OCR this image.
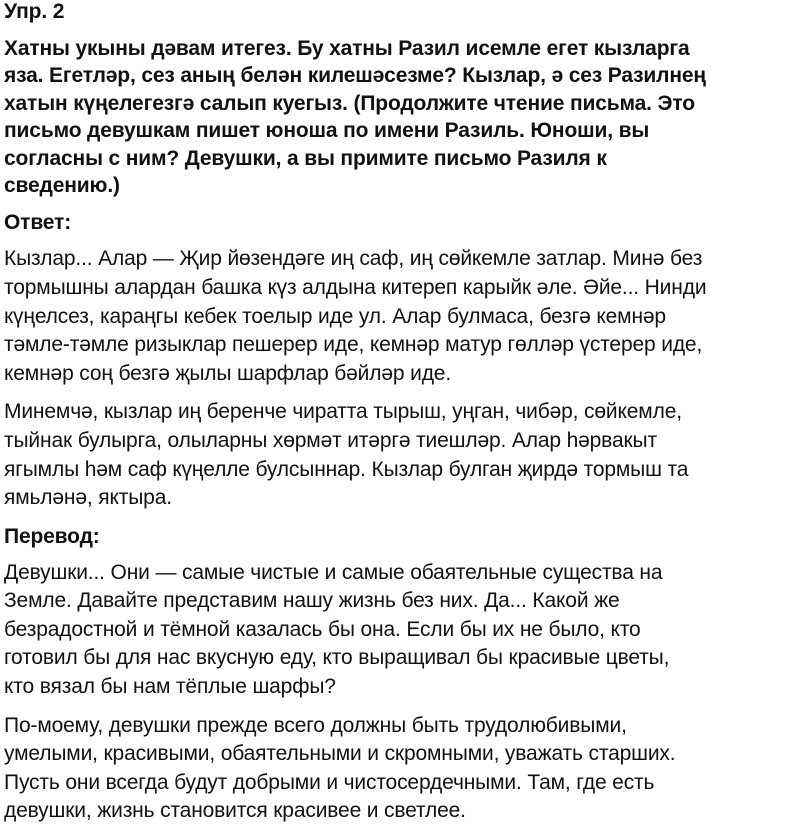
Упр. 2
Хатны укыны дәвам итегез. Бу хатны Разил исемле егет кызларга
яза. Егетләр, сез аның белән килешәсезме? Кызлар, ә сез Разилнең
хатын күңелегезгә салып куегыз. (Продолжите чтение письма. Это
письмо девушкам пишет юноша по имени Разиль. Юноши, вы
согласны с ним? Девушки, а вы примите письмо Разиля к
сведению.)
Ответ:
Кызлар... Алар — Җир йөзендәге иң саф, иң сөйкемле затлар. Минә без
тормышны алардан башка күз алдына китереп карыйк әле. Әйе... Нинди
күңелсез, караңгы кебек тоелыр иде ул. Алар булмаса, безгә кемнәр
тәмле-тәмле ризыклар пешерер иде, кемнәр матур гөлләр үстерер иде,
кемнәр соң безгә җылы шарфлар бәйләр иде.
Минемчә, кызлар иң беренче чиратта тырыш, уңган, чибәр, сөйкемле,
тыйнак булырга, олыларны хөрмәт итәргә тиешләр. Алар һәрвакыт
ягымлы һәм саф күңелле булсыннар. Кызлар булган җирдә тормыш та
ямьләнә, яктыра.
Перевод:
Девушки... Они — самые чистые и самые обаятельные существа на
Земле. Давайте представим нашу жизнь без них. Да... Какой же
безрадостной и тёмной казалась бы она. Если бы их не было, кто
готовил бы для нас вкусную еду, кто выращивал бы красивые цветы,
кто вязал бы нам тёплые шарфы?
По-моему, девушки прежде всего должны быть трудолюбивыми,
умелыми, красивыми, обаятельными и скромными, уважать старших.
Пусть они всегда будут добрыми и чистосердечными. Там, где есть
девушки, жизнь становится красивее и светлее.
